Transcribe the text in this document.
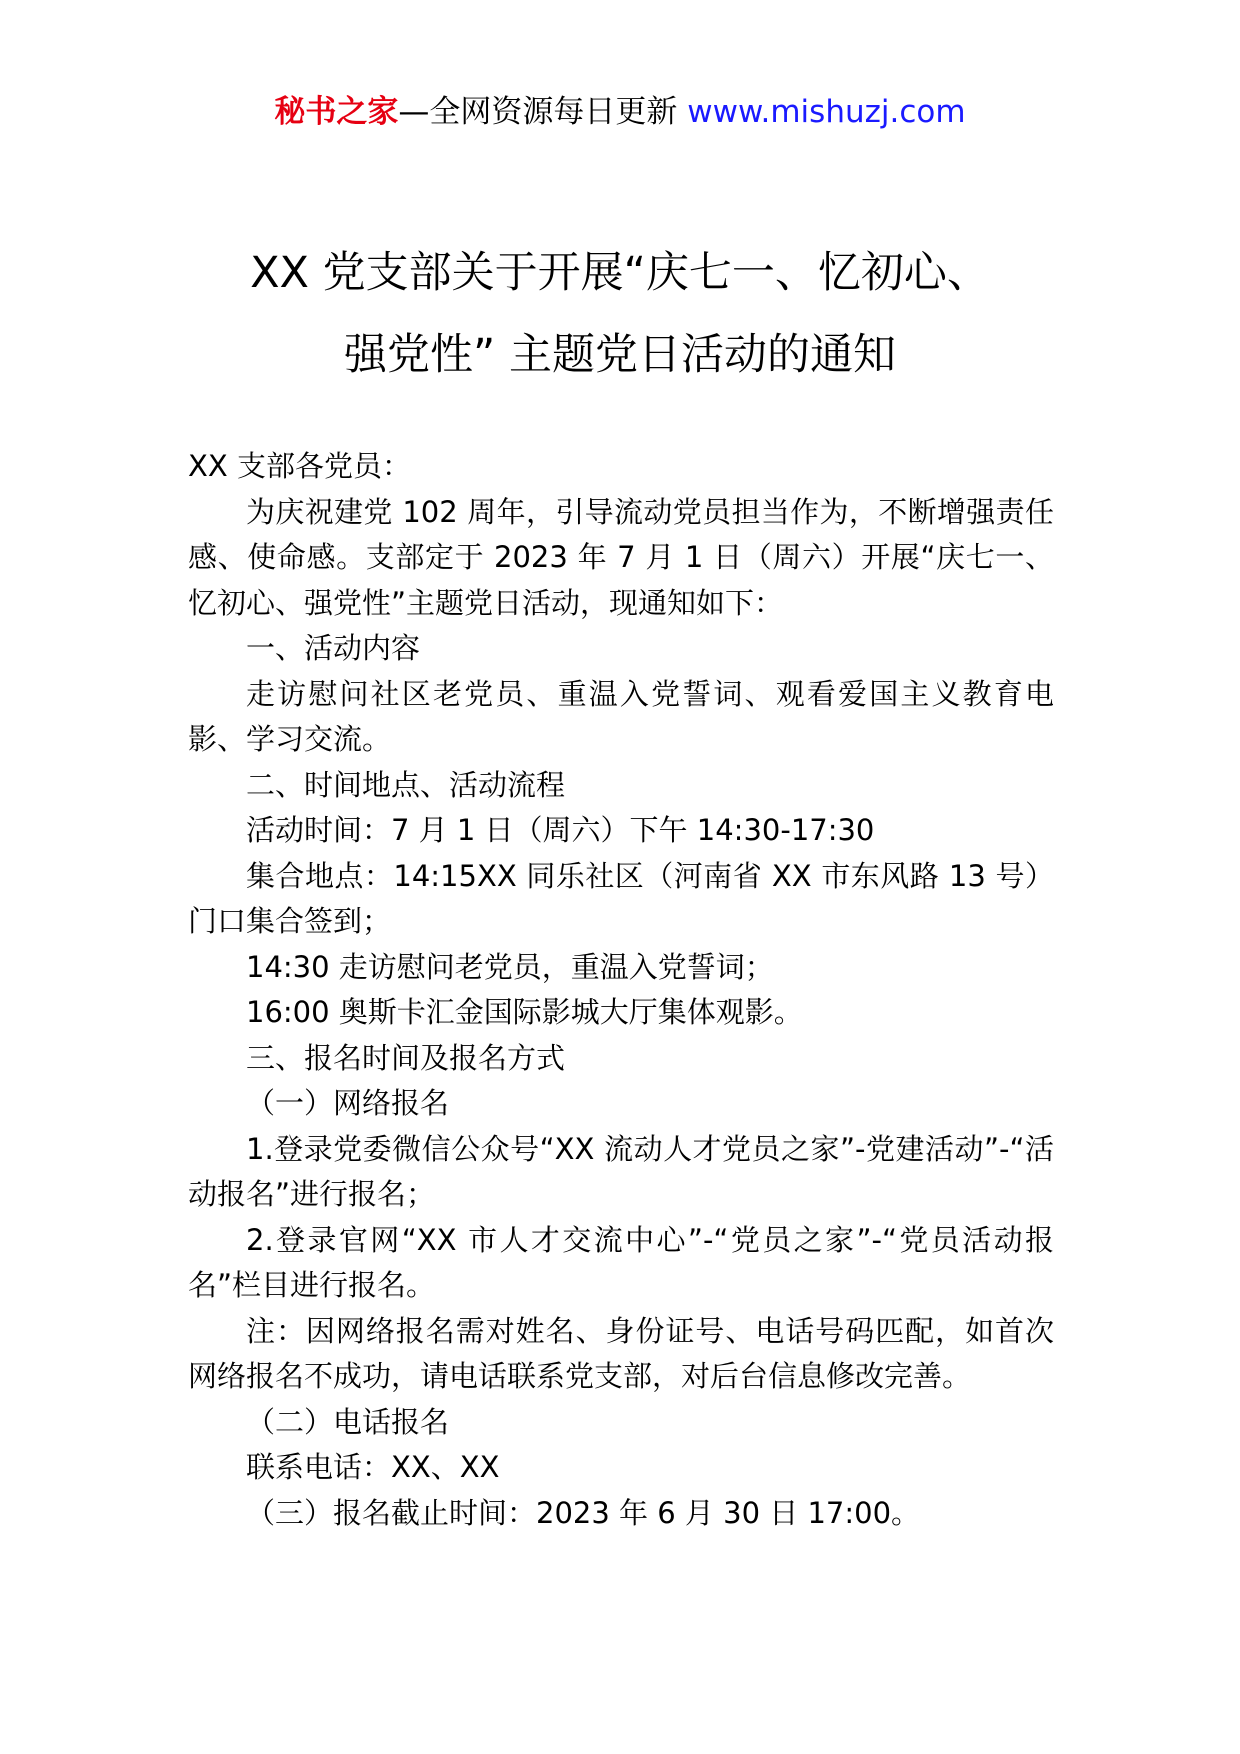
秘书之家—全网资源每日更新 www.mishuzj.com
XX 党支部关于开展“庆七一、忆初心、
强党性” 主题党日活动的通知

XX 支部各党员：

为庆祝建党 102 周年，引导流动党员担当作为，不断增强责任感、使命感。支部定于 2023 年 7 月 1 日（周六）开展“庆七一、忆初心、强党性”主题党日活动，现通知如下：

一、活动内容

走访慰问社区老党员、重温入党誓词、观看爱国主义教育电影、学习交流。

二、时间地点、活动流程

活动时间：7 月 1 日（周六）下午 14:30-17:30

集合地点：14:15XX 同乐社区（河南省 XX 市东风路 13 号）门口集合签到；

14:30 走访慰问老党员，重温入党誓词；

16:00 奥斯卡汇金国际影城大厅集体观影。

三、报名时间及报名方式

（一）网络报名

1.登录党委微信公众号“XX 流动人才党员之家”-党建活动”-“活动报名”进行报名；

2.登录官网“XX 市人才交流中心”-“党员之家”-“党员活动报名”栏目进行报名。

注：因网络报名需对姓名、身份证号、电话号码匹配，如首次网络报名不成功，请电话联系党支部，对后台信息修改完善。

（二）电话报名

联系电话：XX、XX

（三）报名截止时间：2023 年 6 月 30 日 17:00。
